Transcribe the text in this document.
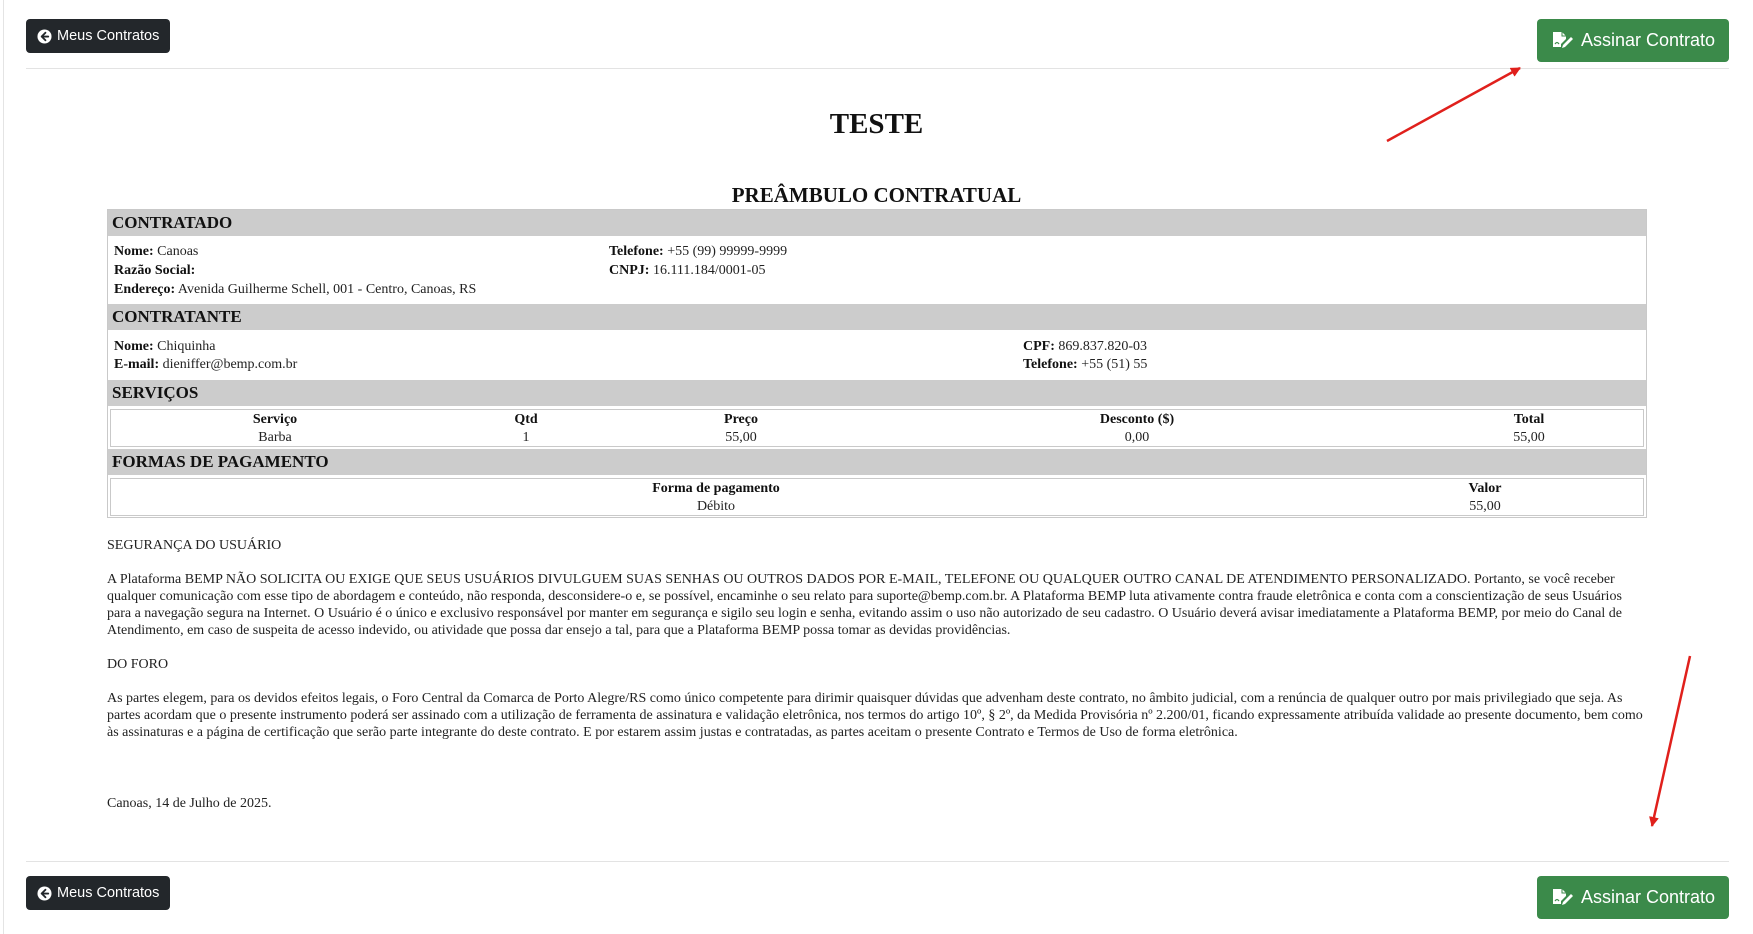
Meus Contratos	Assinar Contrato
TESTE
PREÂMBULO CONTRATUAL
CONTRATADO
Nome: Canoas	Telefone: +55 (99) 99999-9999
Razão Social:	CNPJ: 16.111.184/0001-05
Endereço: Avenida Guilherme Schell, 001 - Centro, Canoas, RS
CONTRATANTE
Nome: Chiquinha	CPF: 869.837.820-03
E-mail: dieniffer@bemp.com.br	Telefone: +55 (51) 55
SERVIÇOS
Serviço	Qtd	Preço	Desconto ($)	Total
Barba	1	55,00	0,00	55,00
FORMAS DE PAGAMENTO
Forma de pagamento	Valor
Débito	55,00
SEGURANÇA DO USUÁRIO
A Plataforma BEMP NÃO SOLICITA OU EXIGE QUE SEUS USUÁRIOS DIVULGUEM SUAS SENHAS OU OUTROS DADOS POR E-MAIL, TELEFONE OU QUALQUER OUTRO CANAL DE ATENDIMENTO PERSONALIZADO. Portanto, se você receber qualquer comunicação com esse tipo de abordagem e conteúdo, não responda, desconsidere-o e, se possível, encaminhe o seu relato para suporte@bemp.com.br. A Plataforma BEMP luta ativamente contra fraude eletrônica e conta com a conscientização de seus Usuários para a navegação segura na Internet. O Usuário é o único e exclusivo responsável por manter em segurança e sigilo seu login e senha, evitando assim o uso não autorizado de seu cadastro. O Usuário deverá avisar imediatamente a Plataforma BEMP, por meio do Canal de Atendimento, em caso de suspeita de acesso indevido, ou atividade que possa dar ensejo a tal, para que a Plataforma BEMP possa tomar as devidas providências.
DO FORO
As partes elegem, para os devidos efeitos legais, o Foro Central da Comarca de Porto Alegre/RS como único competente para dirimir quaisquer dúvidas que advenham deste contrato, no âmbito judicial, com a renúncia de qualquer outro por mais privilegiado que seja. As partes acordam que o presente instrumento poderá ser assinado com a utilização de ferramenta de assinatura e validação eletrônica, nos termos do artigo 10º, § 2º, da Medida Provisória nº 2.200/01, ficando expressamente atribuída validade ao presente documento, bem como às assinaturas e a página de certificação que serão parte integrante do deste contrato. E por estarem assim justas e contratadas, as partes aceitam o presente Contrato e Termos de Uso de forma eletrônica.
Canoas, 14 de Julho de 2025.
Meus Contratos	Assinar Contrato
